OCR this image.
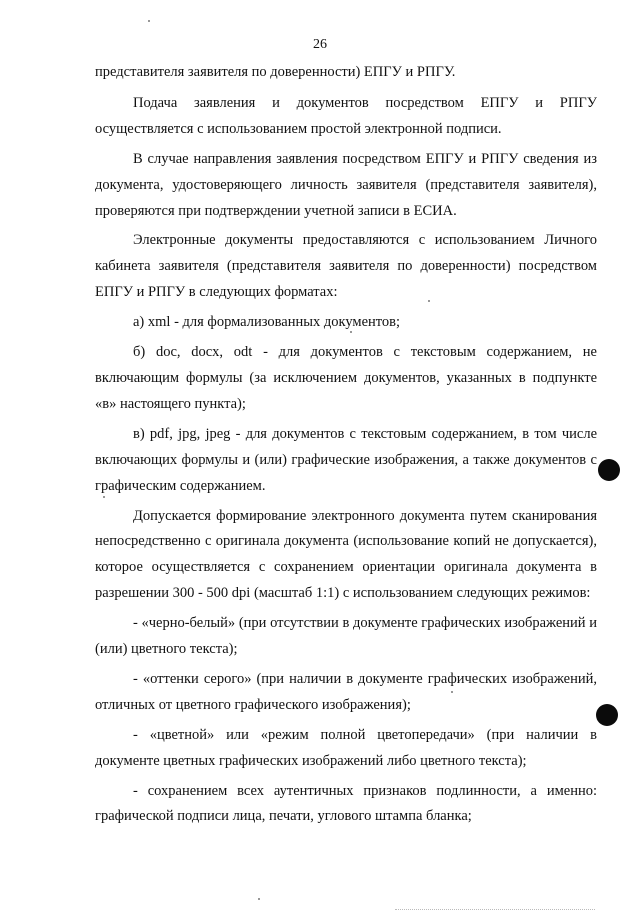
26

представителя заявителя по доверенности) ЕПГУ и РПГУ.

Подача заявления и документов посредством ЕПГУ и РПГУ осуществляется с использованием простой электронной подписи.

В случае направления заявления посредством ЕПГУ и РПГУ сведения из документа, удостоверяющего личность заявителя (представителя заявителя), проверяются при подтверждении учетной записи в ЕСИА.

Электронные документы предоставляются с использованием Личного кабинета заявителя (представителя заявителя по доверенности) посредством ЕПГУ и РПГУ в следующих форматах:

а) xml - для формализованных документов;

б) doc, docx, odt - для документов с текстовым содержанием, не включающим формулы (за исключением документов, указанных в подпункте «в» настоящего пункта);

в) pdf, jpg, jpeg - для документов с текстовым содержанием, в том числе включающих формулы и (или) графические изображения, а также документов с графическим содержанием.

Допускается формирование электронного документа путем сканирования непосредственно с оригинала документа (использование копий не допускается), которое осуществляется с сохранением ориентации оригинала документа в разрешении 300 - 500 dpi (масштаб 1:1) с использованием следующих режимов:

- «черно-белый» (при отсутствии в документе графических изображений и (или) цветного текста);

- «оттенки серого» (при наличии в документе графических изображений, отличных от цветного графического изображения);

- «цветной» или «режим полной цветопередачи» (при наличии в документе цветных графических изображений либо цветного текста);

- сохранением всех аутентичных признаков подлинности, а именно: графической подписи лица, печати, углового штампа бланка;
